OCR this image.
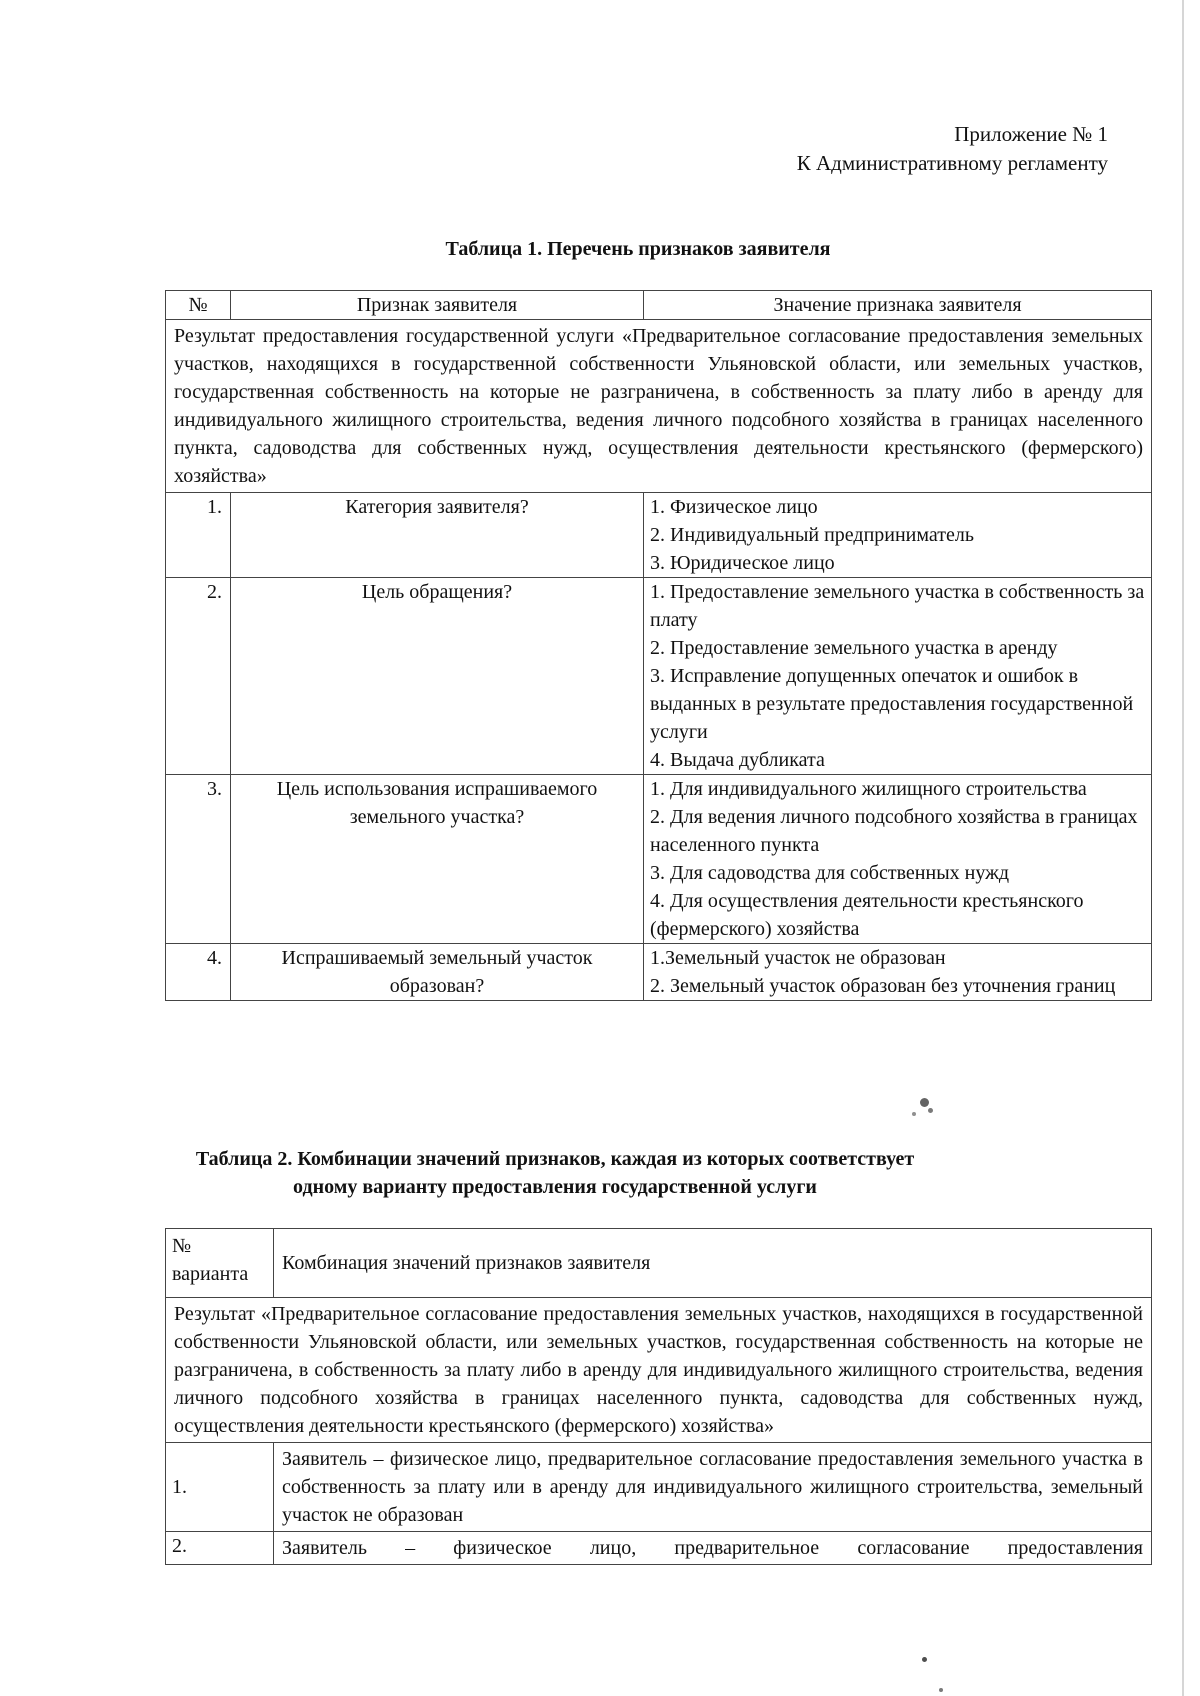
Приложение № 1
К Административному регламенту
Таблица 1. Перечень признаков заявителя
№	Признак заявителя	Значение признака заявителя
Результат предоставления государственной услуги «Предварительное согласование предоставления земельных участков, находящихся в государственной собственности Ульяновской области, или земельных участков, государственная собственность на которые не разграничена, в собственность за плату либо в аренду для индивидуального жилищного строительства, ведения личного подсобного хозяйства в границах населенного пункта, садоводства для собственных нужд, осуществления деятельности крестьянского (фермерского) хозяйства»		
1.	Категория заявителя?	1. Физическое лицо
2. Индивидуальный предприниматель
3. Юридическое лицо

2.	Цель обращения?	1. Предоставление земельного участка в собственность за плату
2. Предоставление земельного участка в аренду
3. Исправление допущенных опечаток и ошибок в выданных в результате предоставления государственной услуги
4. Выдача дубликата

3.	Цель использования испрашиваемого земельного участка?	1. Для индивидуального жилищного строительства
2. Для ведения личного подсобного хозяйства в границах населенного пункта
3. Для садоводства для собственных нужд
4. Для осуществления деятельности крестьянского (фермерского) хозяйства

4.	Испрашиваемый земельный участок образован?	1.Земельный участок не образован
2. Земельный участок образован без уточнения границ
Таблица 2. Комбинации значений признаков, каждая из которых соответствует
одному варианту предоставления государственной услуги
№ варианта	Комбинация значений признаков заявителя
Результат «Предварительное согласование предоставления земельных участков, находящихся в государственной собственности Ульяновской области, или земельных участков, государственная собственность на которые не разграничена, в собственность за плату либо в аренду для индивидуального жилищного строительства, ведения личного подсобного хозяйства в границах населенного пункта, садоводства для собственных нужд, осуществления деятельности крестьянского (фермерского) хозяйства»	
1.	Заявитель – физическое лицо, предварительное согласование предоставления земельного участка в собственность за плату или в аренду для индивидуального жилищного строительства, земельный участок не образован
2.	Заявитель – физическое лицо, предварительное согласование предоставления
